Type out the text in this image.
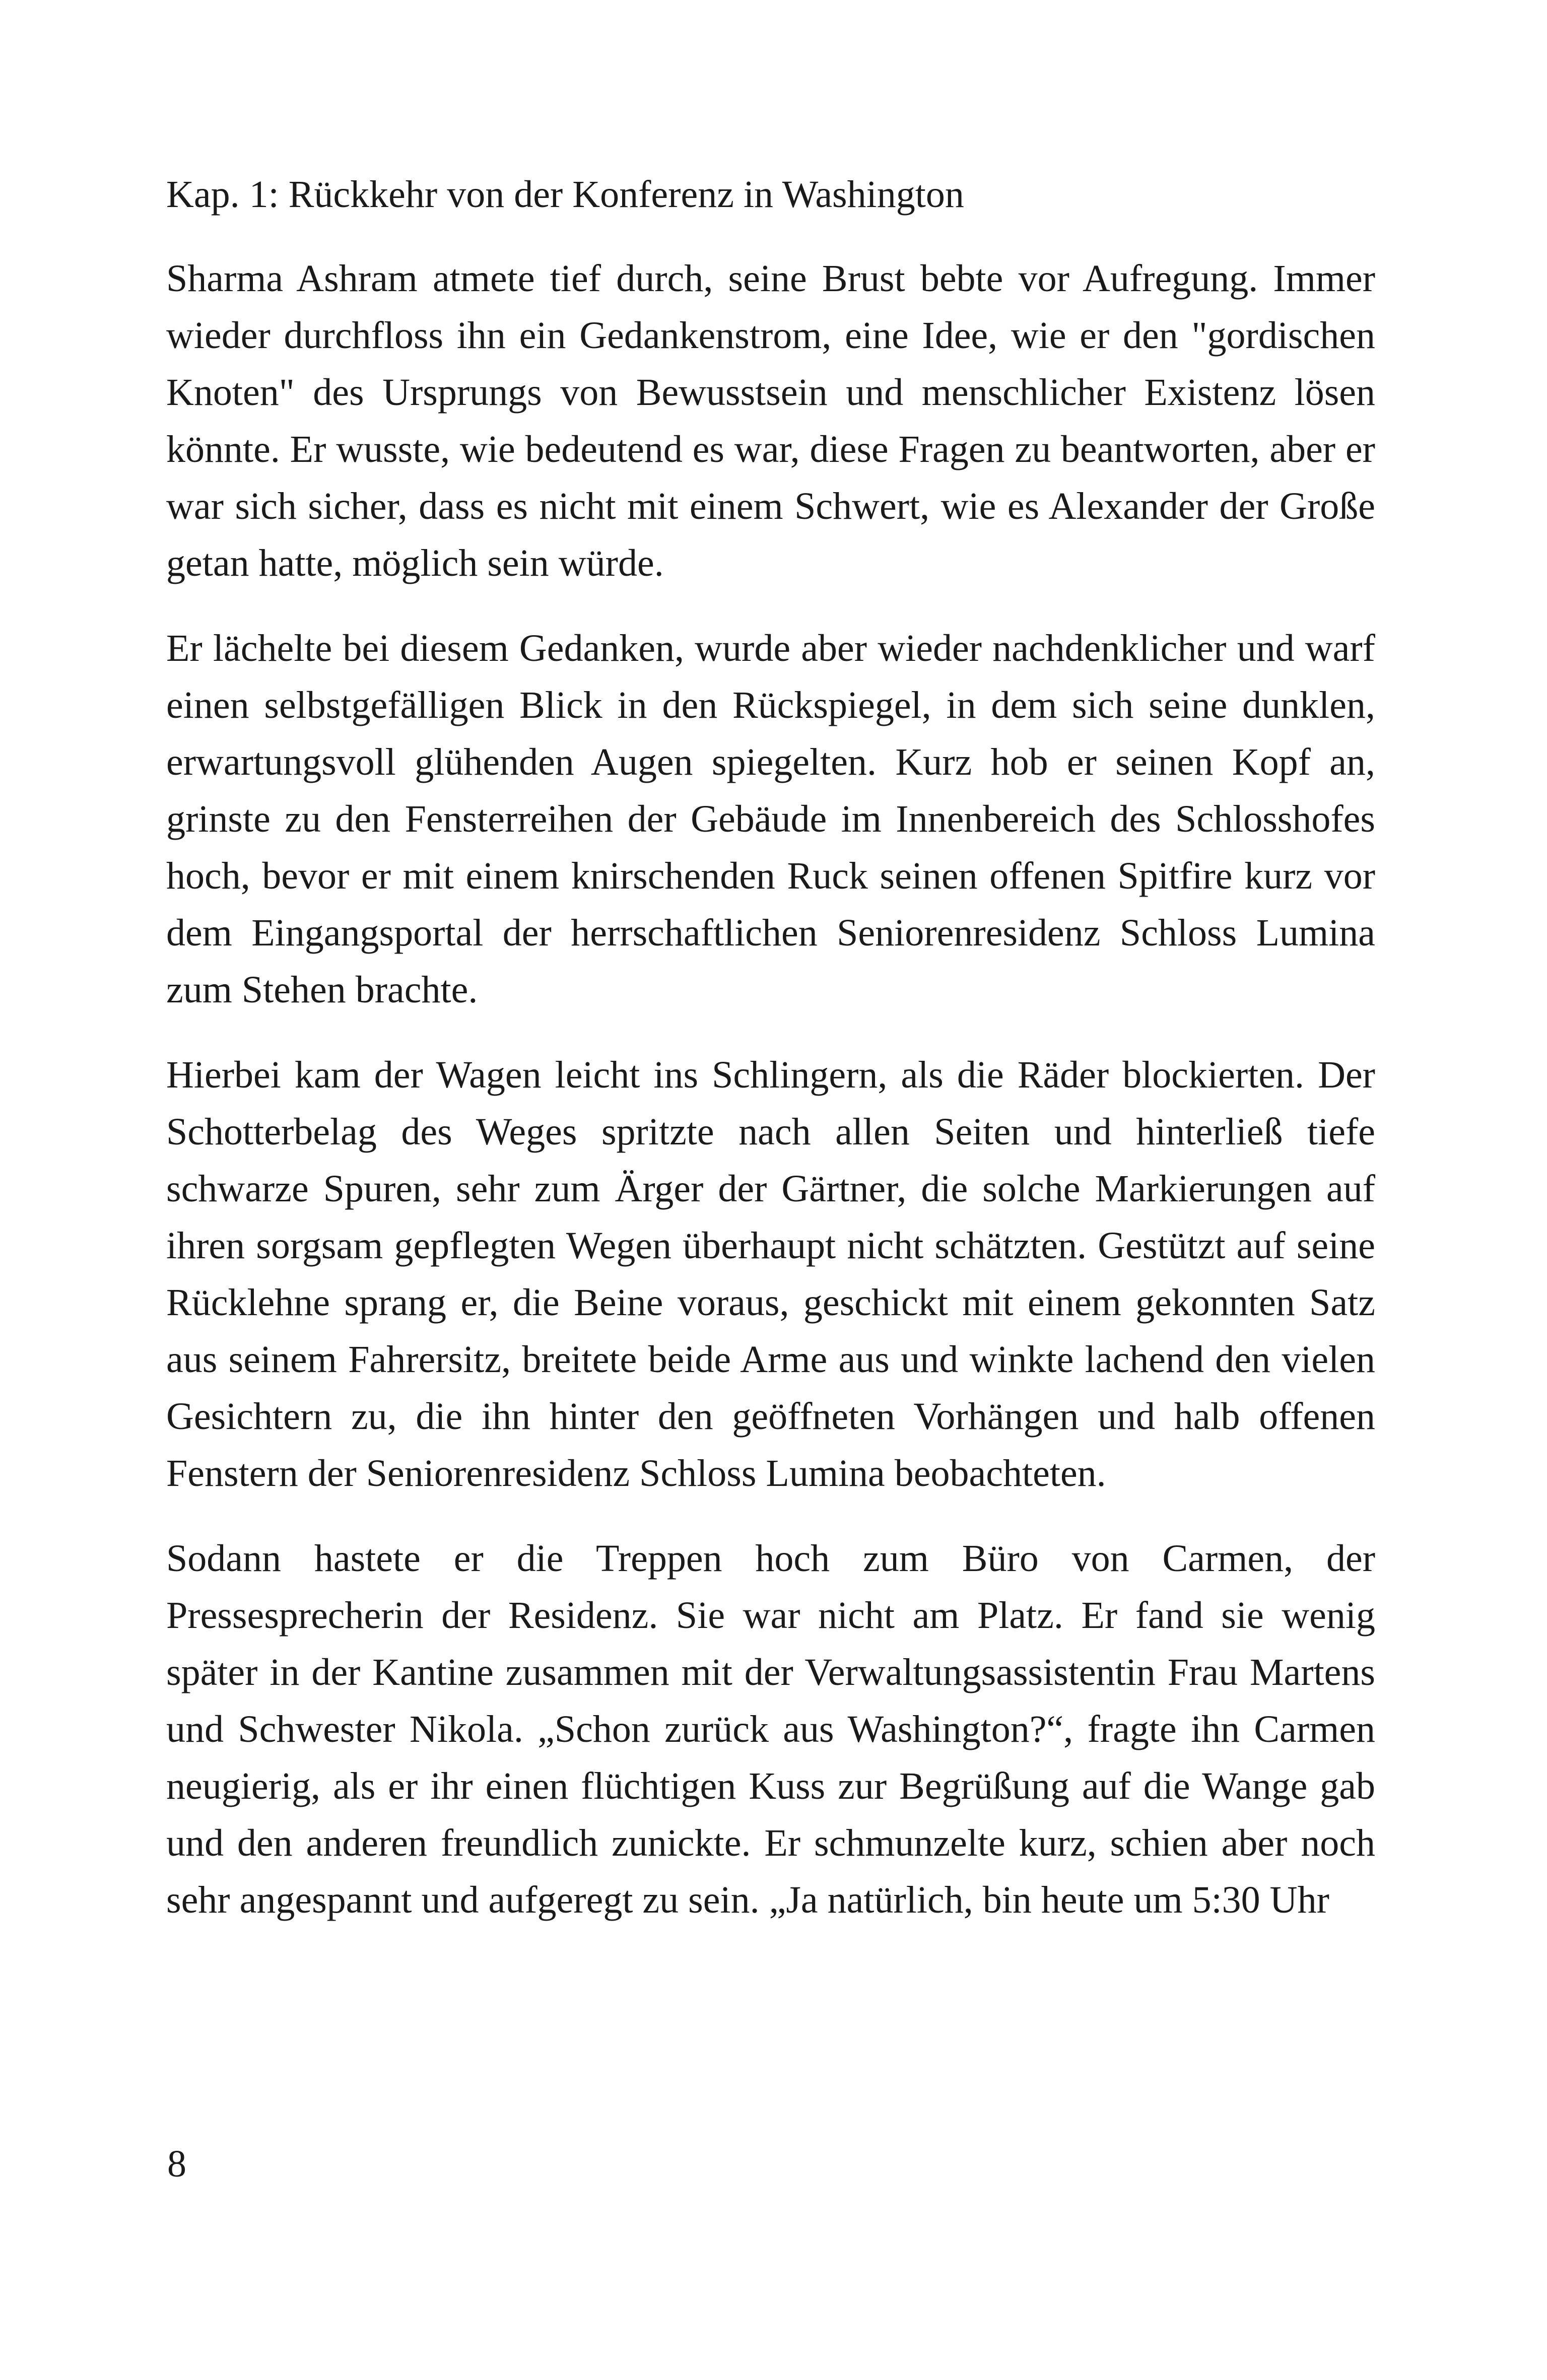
Kap. 1: Rückkehr von der Konferenz in Washington

Sharma Ashram atmete tief durch, seine Brust bebte vor Aufregung. Immer wieder durchfloss ihn ein Gedankenstrom, eine Idee, wie er den "gordischen Knoten" des Ursprungs von Bewusstsein und menschlicher Existenz lösen könnte. Er wusste, wie bedeutend es war, diese Fragen zu beantworten, aber er war sich sicher, dass es nicht mit einem Schwert, wie es Alexander der Große getan hatte, möglich sein würde.

Er lächelte bei diesem Gedanken, wurde aber wieder nachdenklicher und warf einen selbstgefälligen Blick in den Rückspiegel, in dem sich seine dunklen, erwartungsvoll glühenden Augen spiegelten. Kurz hob er seinen Kopf an, grinste zu den Fensterreihen der Gebäude im Innenbereich des Schlosshofes hoch, bevor er mit einem knirschenden Ruck seinen offenen Spitfire kurz vor dem Eingangsportal der herrschaftlichen Seniorenresidenz Schloss Lumina zum Stehen brachte.

Hierbei kam der Wagen leicht ins Schlingern, als die Räder blockierten. Der Schotterbelag des Weges spritzte nach allen Seiten und hinterließ tiefe schwarze Spuren, sehr zum Ärger der Gärtner, die solche Markierungen auf ihren sorgsam gepflegten Wegen überhaupt nicht schätzten. Gestützt auf seine Rücklehne sprang er, die Beine voraus, geschickt mit einem gekonnten Satz aus seinem Fahrersitz, breitete beide Arme aus und winkte lachend den vielen Gesichtern zu, die ihn hinter den geöffneten Vorhängen und halb offenen Fenstern der Seniorenresidenz Schloss Lumina beobachteten.

Sodann hastete er die Treppen hoch zum Büro von Carmen, der Pressesprecherin der Residenz. Sie war nicht am Platz. Er fand sie wenig später in der Kantine zusammen mit der Verwaltungsassistentin Frau Martens und Schwester Nikola. „Schon zurück aus Washington?“, fragte ihn Carmen neugierig, als er ihr einen flüchtigen Kuss zur Begrüßung auf die Wange gab und den anderen freundlich zunickte. Er schmunzelte kurz, schien aber noch sehr angespannt und aufgeregt zu sein. „Ja natürlich, bin heute um 5:30 Uhr

8
